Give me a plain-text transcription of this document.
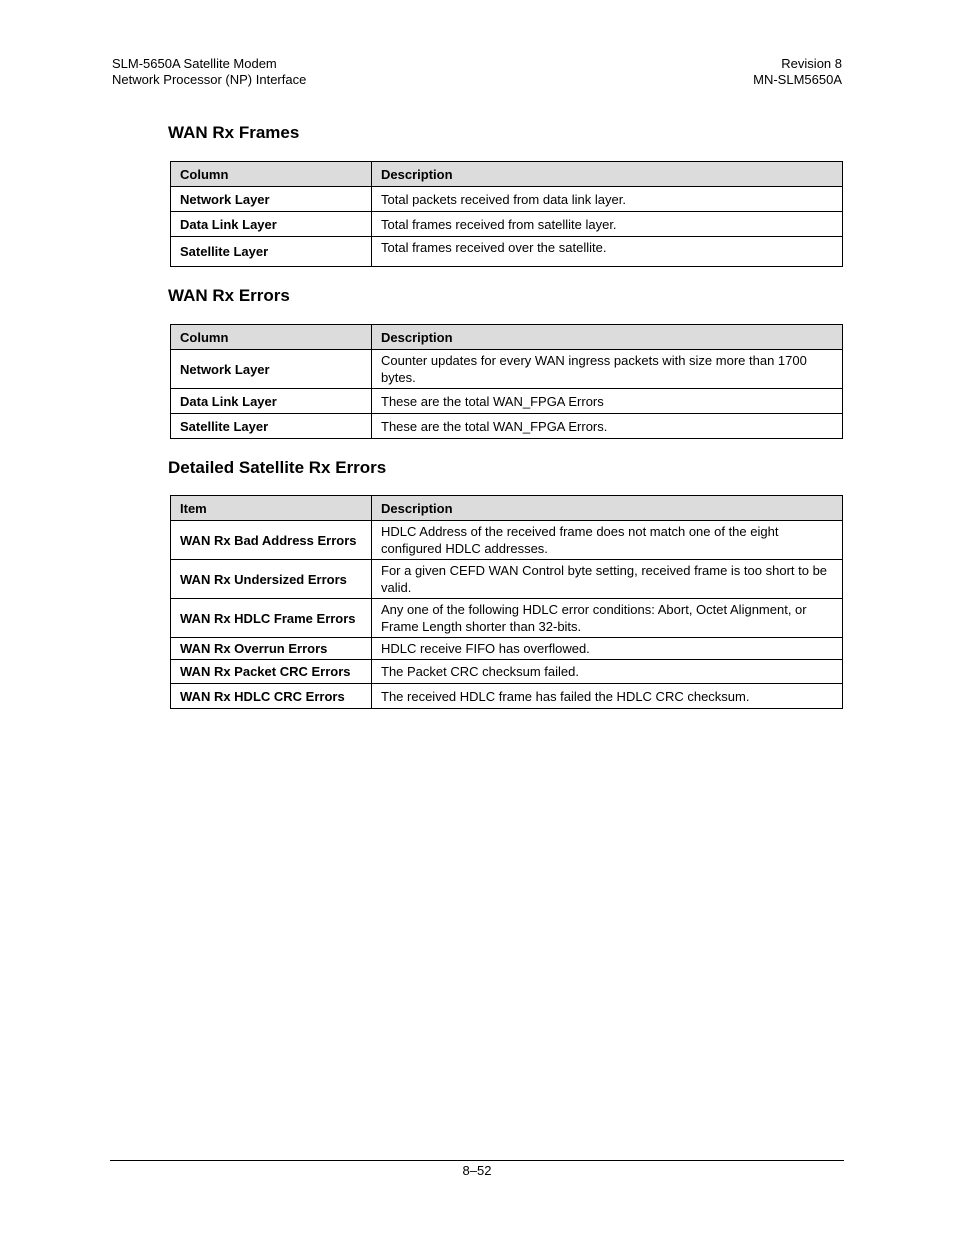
SLM-5650A Satellite Modem
Network Processor (NP) Interface
Revision 8
MN-SLM5650A
WAN Rx Frames
Column	Description
Network Layer	Total packets received from data link layer.
Data Link Layer	Total frames received from satellite layer.
Satellite Layer	Total frames received over the satellite.
WAN Rx Errors
Column	Description
Network Layer	Counter updates for every WAN ingress packets with size more than 1700 bytes.
Data Link Layer	These are the total WAN_FPGA Errors
Satellite Layer	These are the total WAN_FPGA Errors.
Detailed Satellite Rx Errors
Item	Description
WAN Rx Bad Address Errors	HDLC Address of the received frame does not match one of the eight configured HDLC addresses.
WAN Rx Undersized Errors	For a given CEFD WAN Control byte setting, received frame is too short to be valid.
WAN Rx HDLC Frame Errors	Any one of the following HDLC error conditions: Abort, Octet Alignment, or Frame Length shorter than 32-bits.
WAN Rx Overrun Errors	HDLC receive FIFO has overflowed.
WAN Rx Packet CRC Errors	The Packet CRC checksum failed.
WAN Rx HDLC CRC Errors	The received HDLC frame has failed the HDLC CRC checksum.
8–52
